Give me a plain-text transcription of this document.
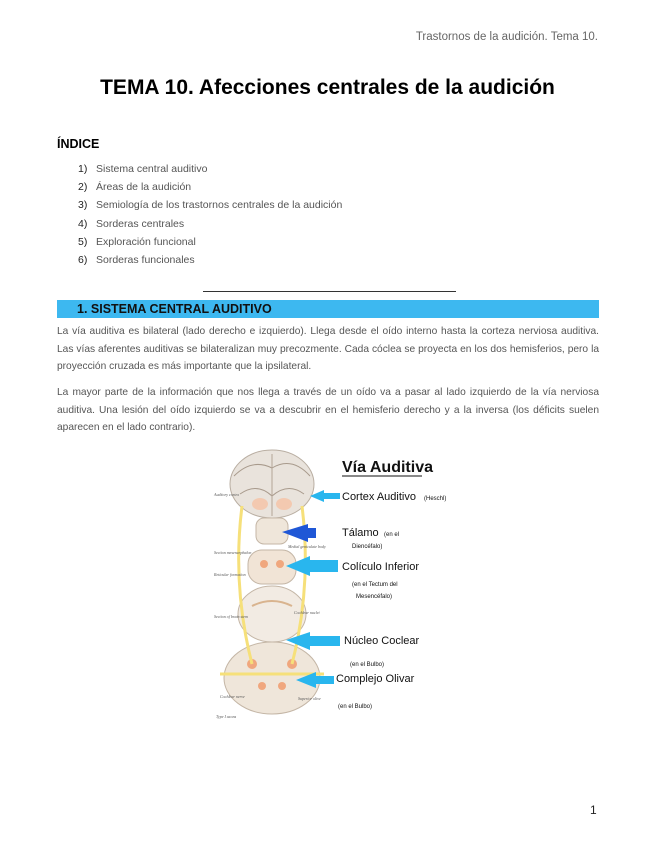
Trastornos de la audición. Tema 10.
TEMA 10. Afecciones centrales de la audición
ÍNDICE
1) Sistema central auditivo
2) Áreas de la audición
3) Semiología de los trastornos centrales de la audición
4) Sorderas centrales
5) Exploración funcional
6) Sorderas funcionales
1. SISTEMA CENTRAL AUDITIVO

La vía auditiva es bilateral (lado derecho e izquierdo). Llega desde el oído interno hasta la corteza nerviosa auditiva. Las vías aferentes auditivas se bilateralizan muy precozmente. Cada cóclea se proyecta en los dos hemisferios, pero la proyección cruzada es más importante que la ipsilateral.

La mayor parte de la información que nos llega a través de un oído va a pasar al lado izquierdo de la vía nerviosa auditiva. Una lesión del oído izquierdo se va a descubrir en el hemisferio derecho y a la inversa (los déficits suelen aparecen en el lado contrario).

Auditory cortex
Section mesencephalon
Reticular formation
Section of brain stem
Medial geniculate body
Cochlear nuclei
Cochlear nerve	Superior olive
Type I axons
Vía Auditiva
Cortex Auditivo (Heschl)
Tálamo (en el
Diencéfalo)
Colículo Inferior
(en el Tectum del
Mesencéfalo)
Núcleo Coclear
(en el Bulbo)
Complejo Olivar
(en el Bulbo)
1
